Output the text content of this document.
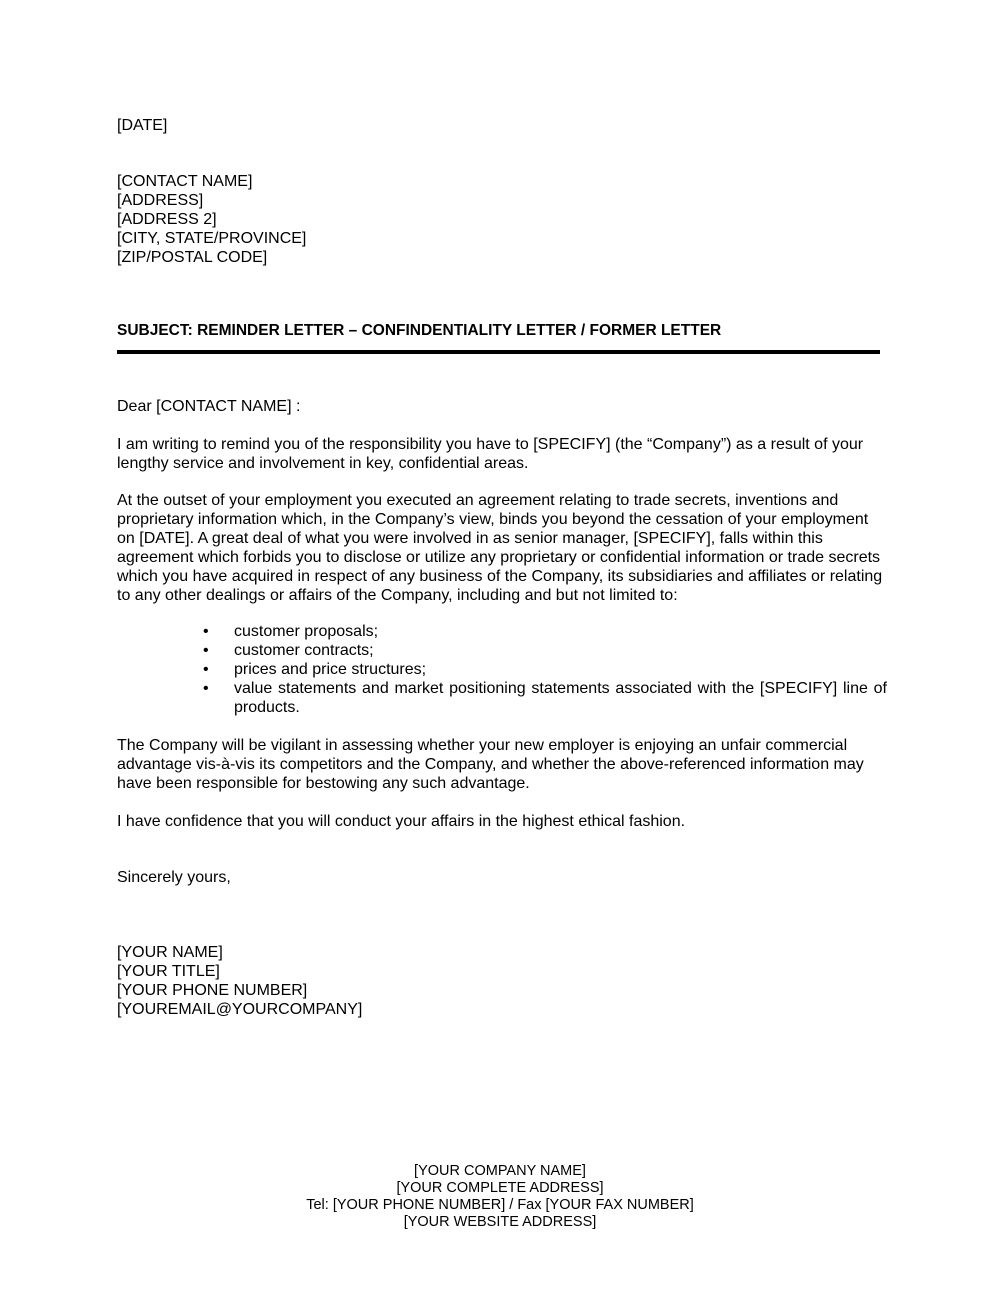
[DATE]
[CONTACT NAME]
[ADDRESS]
[ADDRESS 2]
[CITY, STATE/PROVINCE]
[ZIP/POSTAL CODE]
SUBJECT: REMINDER LETTER – CONFINDENTIALITY LETTER / FORMER LETTER
Dear [CONTACT NAME] :
I am writing to remind you of the responsibility you have to [SPECIFY] (the “Company”) as a result of your lengthy service and involvement in key, confidential areas.
At the outset of your employment you executed an agreement relating to trade secrets, inventions and proprietary information which, in the Company’s view, binds you beyond the cessation of your employment on [DATE]. A great deal of what you were involved in as senior manager, [SPECIFY], falls within this agreement which forbids you to disclose or utilize any proprietary or confidential information or trade secrets which you have acquired in respect of any business of the Company, its subsidiaries and affiliates or relating to any other dealings or affairs of the Company, including and but not limited to:
• customer proposals;
• customer contracts;
• prices and price structures;
• value statements and market positioning statements associated with the [SPECIFY] line of products.
The Company will be vigilant in assessing whether your new employer is enjoying an unfair commercial advantage vis-à-vis its competitors and the Company, and whether the above-referenced information may have been responsible for bestowing any such advantage.
I have confidence that you will conduct your affairs in the highest ethical fashion.
Sincerely yours,
[YOUR NAME]
[YOUR TITLE]
[YOUR PHONE NUMBER]
[YOUREMAIL@YOURCOMPANY]
[YOUR COMPANY NAME]
[YOUR COMPLETE ADDRESS]
Tel: [YOUR PHONE NUMBER] / Fax [YOUR FAX NUMBER]
[YOUR WEBSITE ADDRESS]
